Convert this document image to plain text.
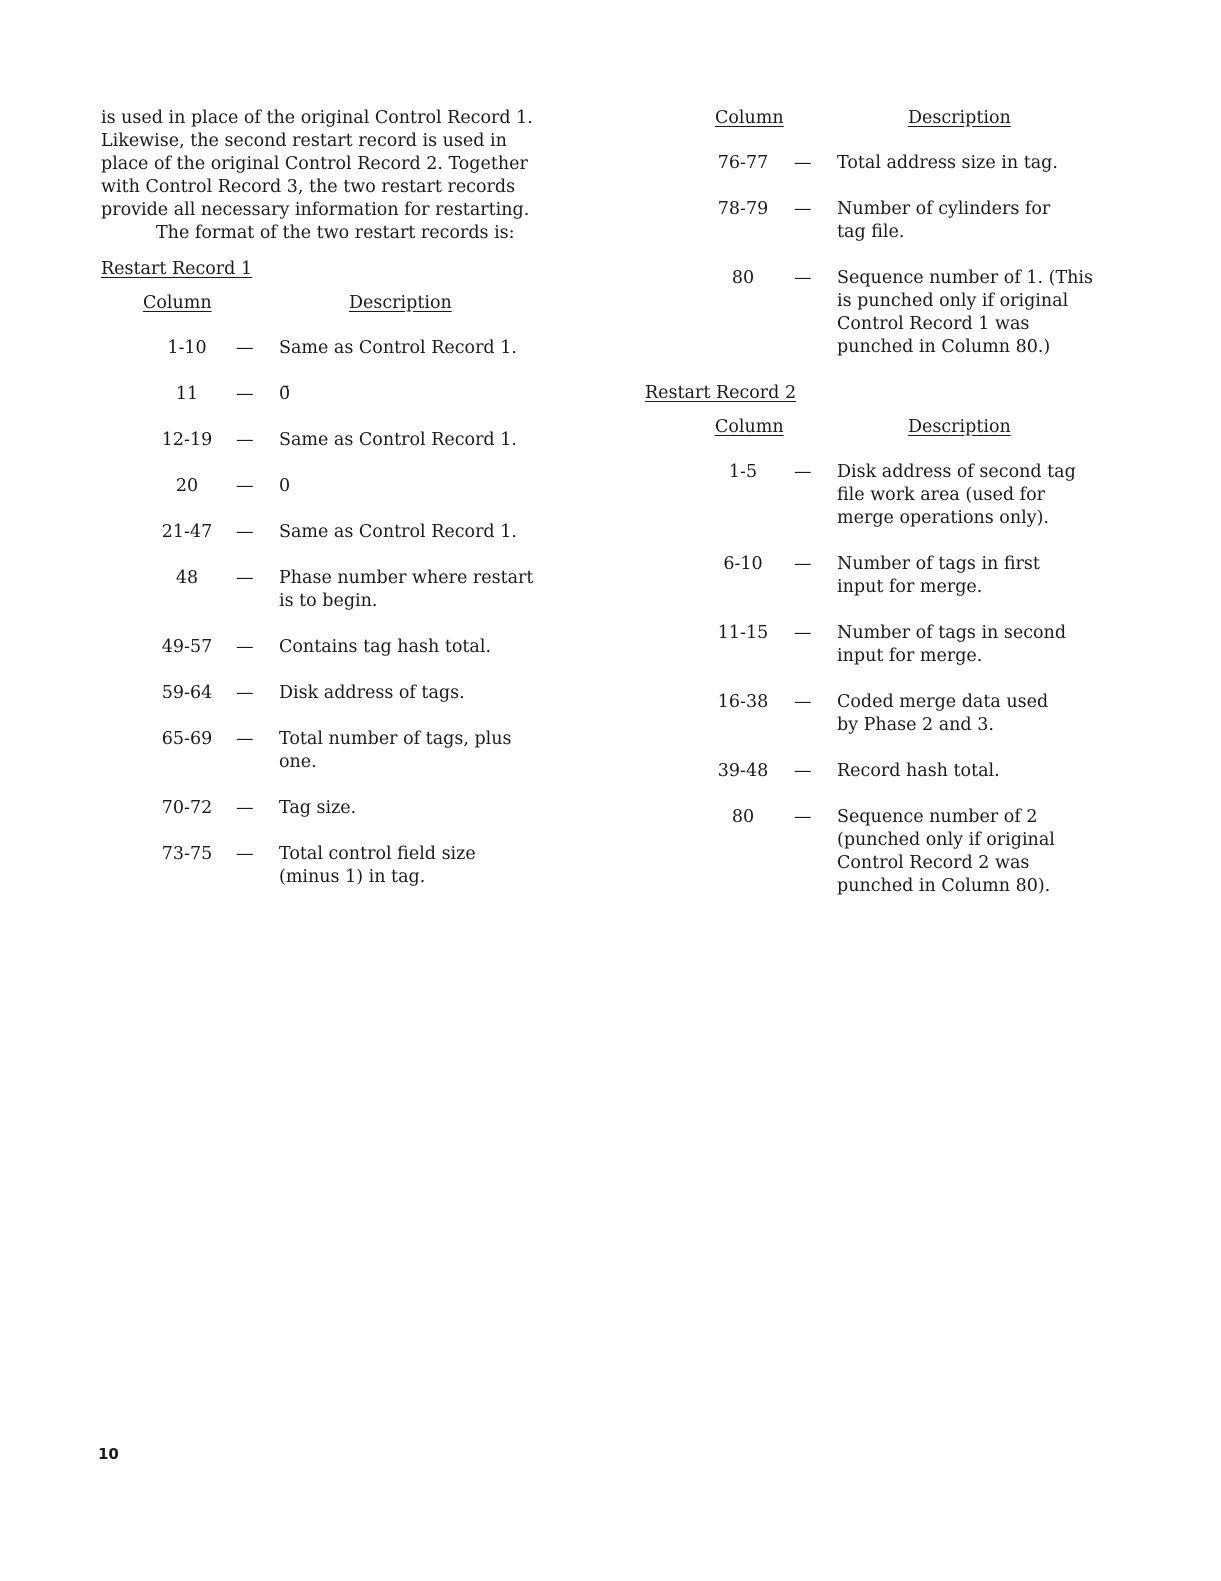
is used in place of the original Control Record 1.
Likewise, the second restart record is used in
place of the original Control Record 2. Together
with Control Record 3, the two restart records
provide all necessary information for restarting.

The format of the two restart records is:

Restart Record 1
Column	Description
1-10	— Same as Control Record 1.
11	— 0̄
12-19	— Same as Control Record 1.
20	— 0
21-47	— Same as Control Record 1.
48	— Phase number where restart
is to begin.
49-57	— Contains tag hash total.
59-64	— Disk address of tags.
65-69	— Total number of tags, plus
one.
70-72	— Tag size.
73-75	— Total control field size
(minus 1) in tag.
Column	Description
76-77	— Total address size in tag.
78-79	— Number of cylinders for
tag file.
80	— Sequence number of 1. (This
is punched only if original
Control Record 1 was
punched in Column 80.)
Restart Record 2
Column	Description
1-5	— Disk address of second tag
file work area (used for
merge operations only).
6-10	— Number of tags in first
input for merge.
11-15	— Number of tags in second
input for merge.
16-38	— Coded merge data used
by Phase 2 and 3.
39-48	— Record hash total.
80	— Sequence number of 2
(punched only if original
Control Record 2 was
punched in Column 80).
10
